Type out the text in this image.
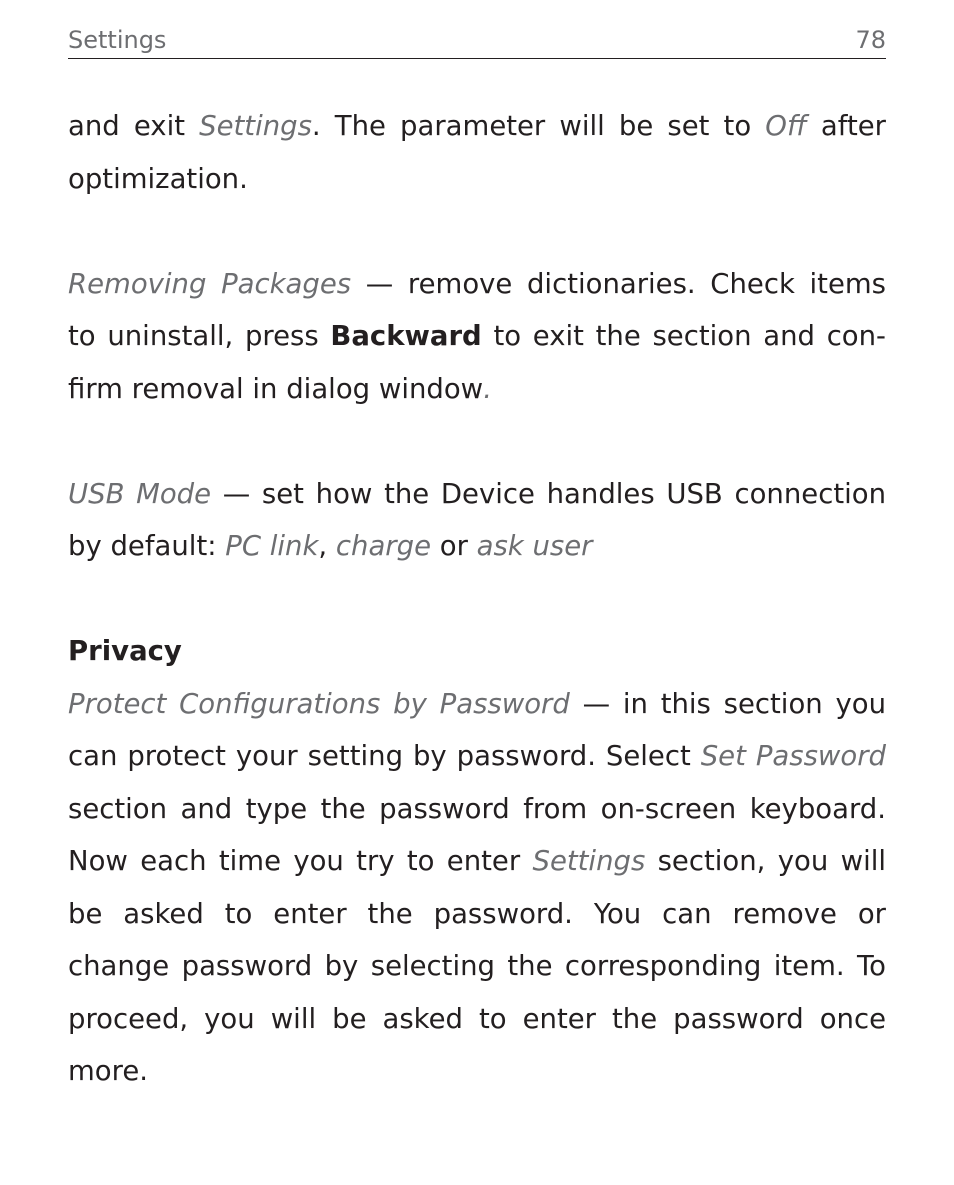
Settings	78

and exit Settings. The parameter will be set to Off after optimization.

Removing Packages — remove dictionaries. Check items to uninstall, press Backward to exit the section and con-firm removal in dialog window.

USB Mode — set how the Device handles USB connection by default: PC link, charge or ask user

Privacy

Protect Configurations by Password — in this section you can protect your setting by password. Select Set Password section and type the password from on-screen keyboard. Now each time you try to enter Settings section, you will be asked to enter the password. You can remove or change password by selecting the corresponding item. To proceed, you will be asked to enter the password once more.
